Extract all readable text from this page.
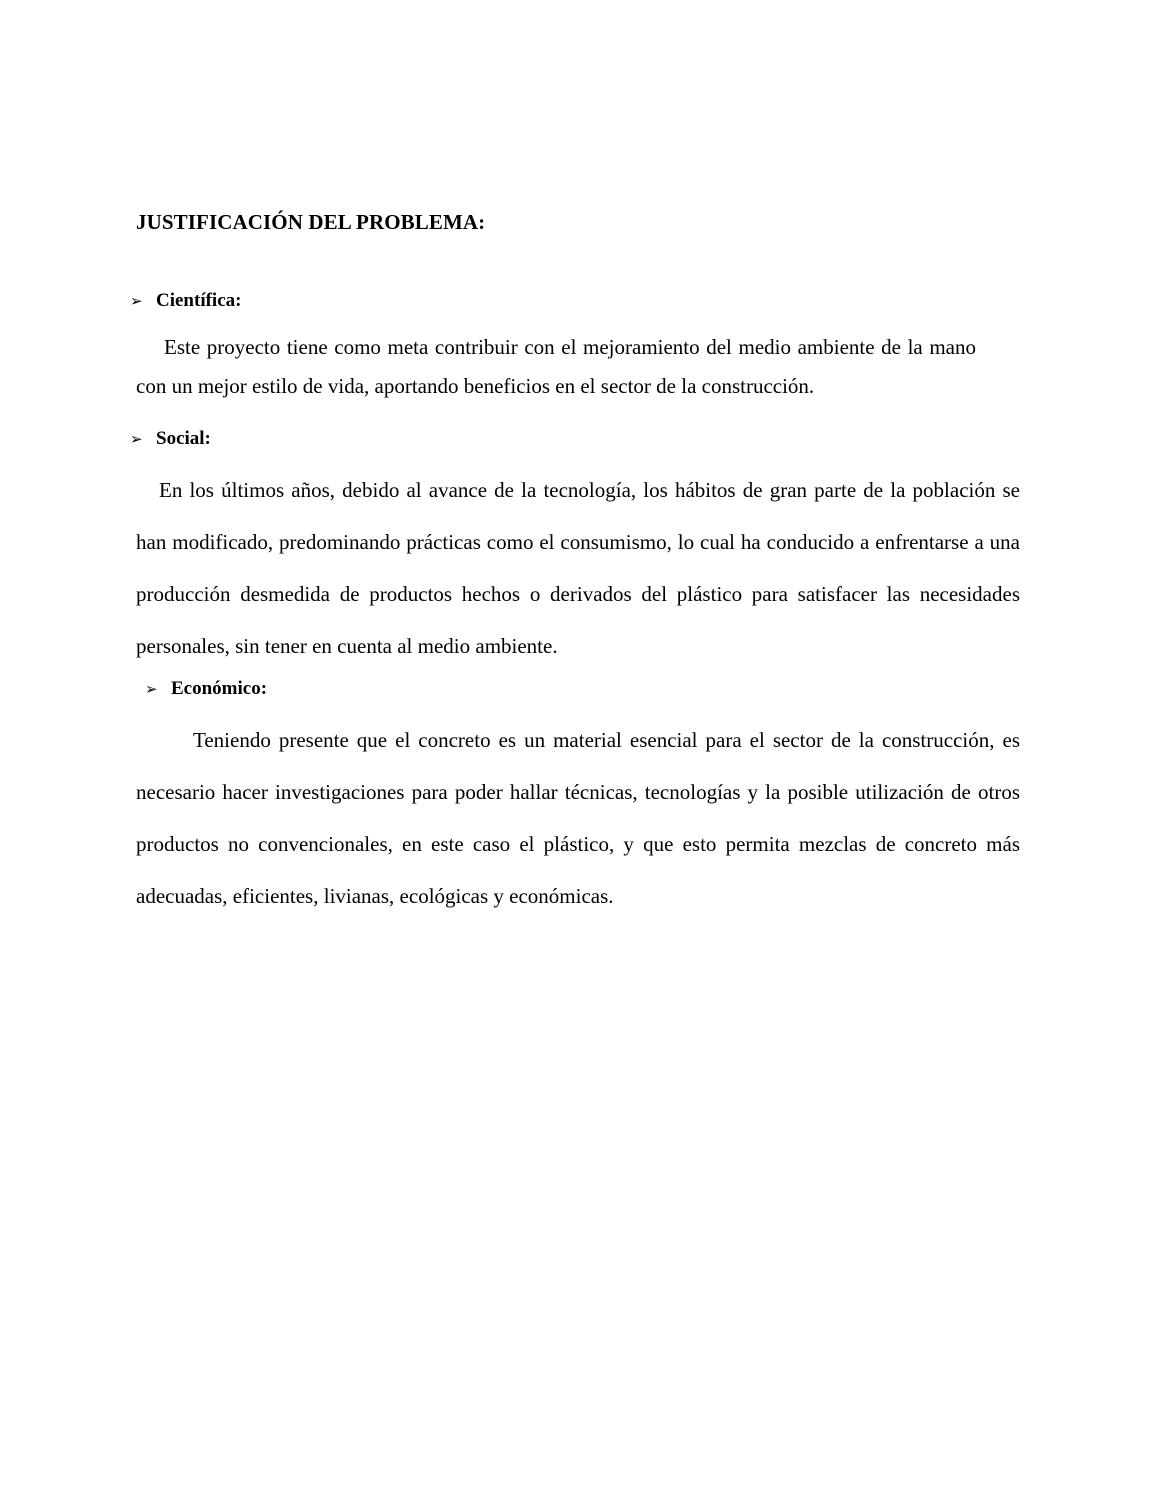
JUSTIFICACIÓN DEL PROBLEMA:
➢ Científica:
Este proyecto tiene como meta contribuir con el mejoramiento del medio ambiente de la mano con un mejor estilo de vida, aportando beneficios en el sector de la construcción.
➢ Social:
En los últimos años, debido al avance de la tecnología, los hábitos de gran parte de la población se han modificado, predominando prácticas como el consumismo, lo cual ha conducido a enfrentarse a una producción desmedida de productos hechos o derivados del plástico para satisfacer las necesidades personales, sin tener en cuenta al medio ambiente.
➢ Económico:
Teniendo presente que el concreto es un material esencial para el sector de la construcción, es necesario hacer investigaciones para poder hallar técnicas, tecnologías y la posible utilización de otros productos no convencionales, en este caso el plástico, y que esto permita mezclas de concreto más adecuadas, eficientes, livianas, ecológicas y económicas.
